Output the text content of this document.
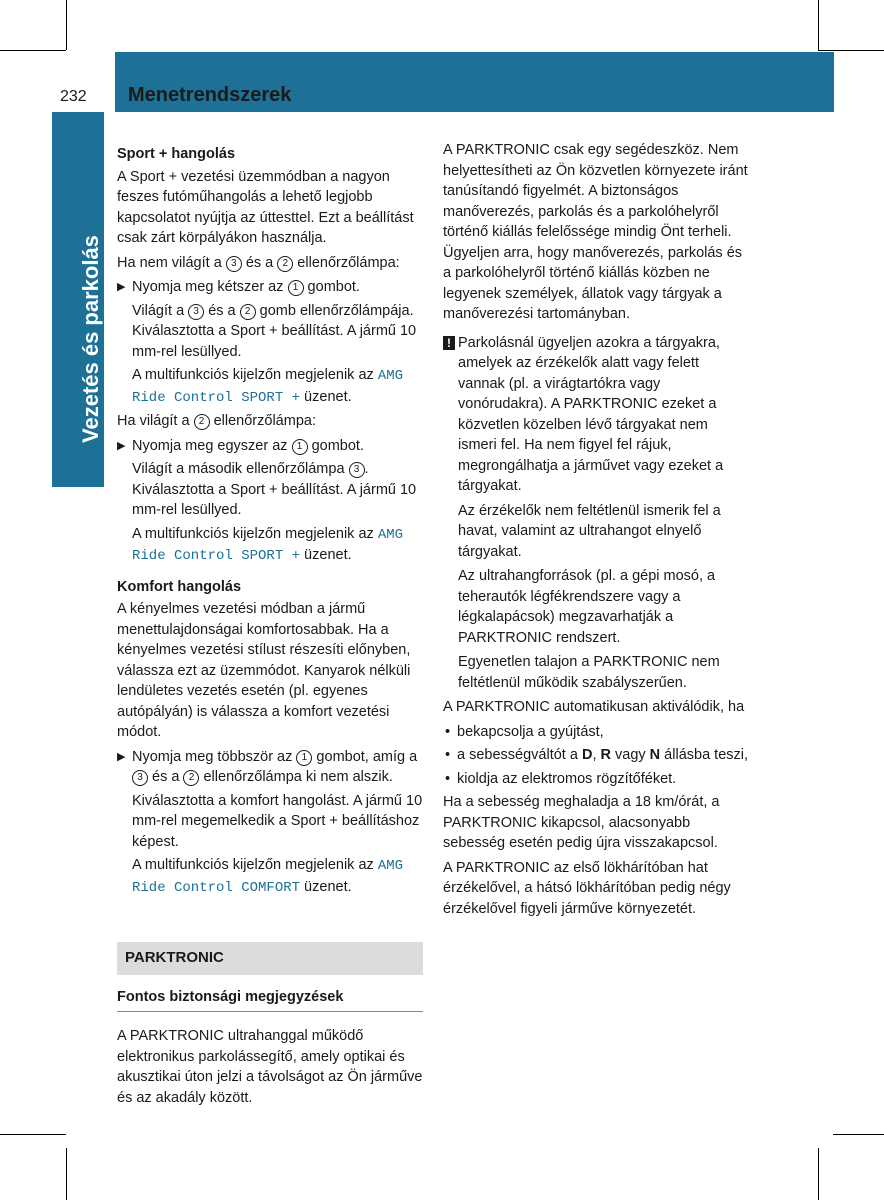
232 Menetrendszerek
Vezetés és parkolás

Sport + hangolás

A Sport + vezetési üzemmódban a nagyon feszes futóműhangolás a lehető legjobb kapcsolatot nyújtja az úttesttel. Ezt a beállítást csak zárt körpályákon használja.

Ha nem világít a 3 és a 2 ellenőrzőlámpa:

▶ Nyomja meg kétszer az 1 gombot.

Világít a 3 és a 2 gomb ellenőrzőlámpája. Kiválasztotta a Sport + beállítást. A jármű 10 mm-rel lesüllyed.

A multifunkciós kijelzőn megjelenik az AMG Ride Control SPORT + üzenet.

Ha világít a 2 ellenőrzőlámpa:

▶ Nyomja meg egyszer az 1 gombot.

Világít a második ellenőrzőlámpa 3 . Kiválasztotta a Sport + beállítást. A jármű 10 mm-rel lesüllyed.

A multifunkciós kijelzőn megjelenik az AMG Ride Control SPORT + üzenet.

Komfort hangolás

A kényelmes vezetési módban a jármű menettulajdonságai komfortosabbak. Ha a kényelmes vezetési stílust részesíti előnyben, válassza ezt az üzemmódot. Kanyarok nélküli lendületes vezetés esetén (pl. egyenes autópályán) is válassza a komfort vezetési módot.

▶ Nyomja meg többször az 1 gombot, amíg a 3 és a 2 ellenőrzőlámpa ki nem alszik.

Kiválasztotta a komfort hangolást. A jármű 10 mm-rel megemelkedik a Sport + beállításhoz képest.

A multifunkciós kijelzőn megjelenik az AMG Ride Control COMFORT üzenet.

PARKTRONIC
Fontos biztonsági megjegyzések

A PARKTRONIC ultrahanggal működő elektronikus parkolássegítő, amely optikai és akusztikai úton jelzi a távolságot az Ön járműve és az akadály között.

A PARKTRONIC csak egy segédeszköz. Nem helyettesítheti az Ön közvetlen környezete iránt tanúsítandó figyelmét. A biztonságos manőverezés, parkolás és a parkolóhelyről történő kiállás felelőssége mindig Önt terheli. Ügyeljen arra, hogy manőverezés, parkolás és a parkolóhelyről történő kiállás közben ne legyenek személyek, állatok vagy tárgyak a manőverezési tartományban.

! Parkolásnál ügyeljen azokra a tárgyakra, amelyek az érzékelők alatt vagy felett vannak (pl. a virágtartókra vagy vonórudakra). A PARKTRONIC ezeket a közvetlen közelben lévő tárgyakat nem ismeri fel. Ha nem figyel fel rájuk, megrongálhatja a járművet vagy ezeket a tárgyakat.

Az érzékelők nem feltétlenül ismerik fel a havat, valamint az ultrahangot elnyelő tárgyakat.

Az ultrahangforrások (pl. a gépi mosó, a teherautók légfékrendszere vagy a légkalapácsok) megzavarhatják a PARKTRONIC rendszert.

Egyenetlen talajon a PARKTRONIC nem feltétlenül működik szabályszerűen.

A PARKTRONIC automatikusan aktiválódik, ha

• bekapcsolja a gyújtást,
• a sebességváltót a D, R vagy N állásba teszi,
• kioldja az elektromos rögzítőféket.

Ha a sebesség meghaladja a 18 km/órát, a PARKTRONIC kikapcsol, alacsonyabb sebesség esetén pedig újra visszakapcsol.

A PARKTRONIC az első lökhárítóban hat érzékelővel, a hátsó lökhárítóban pedig négy érzékelővel figyeli járműve környezetét.
